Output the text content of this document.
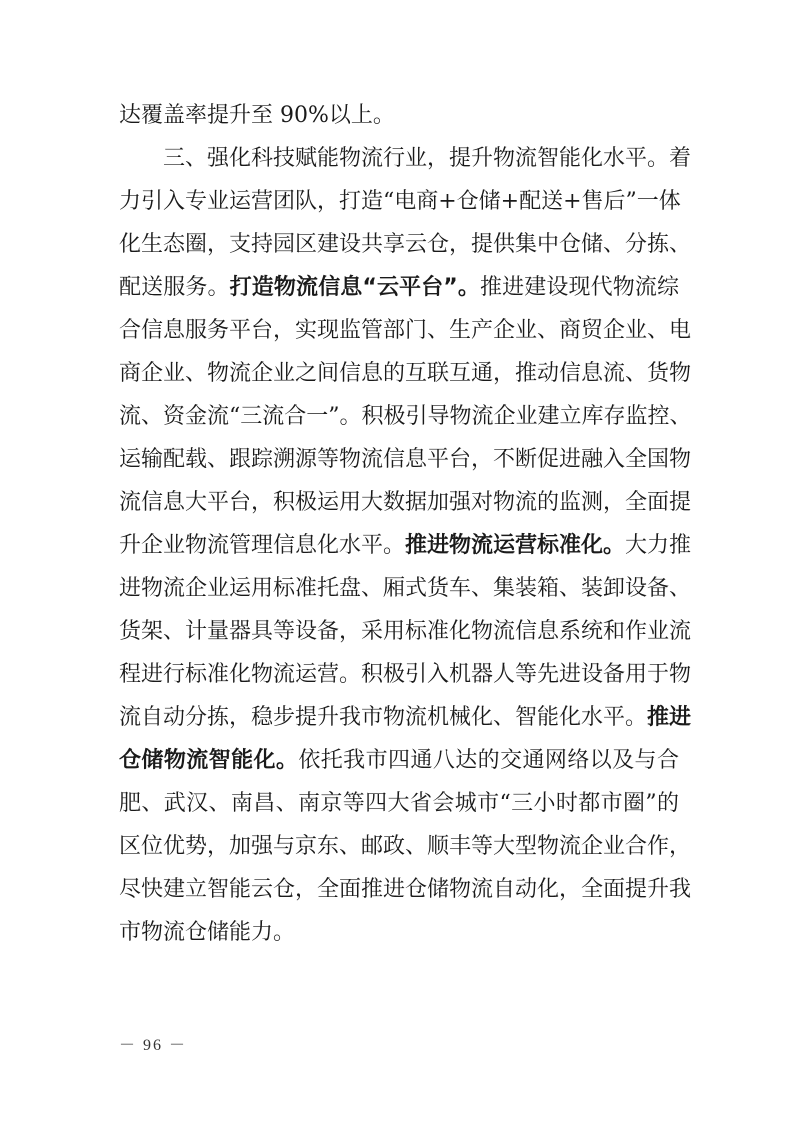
达覆盖率提升至 90%以上。
三、强化科技赋能物流行业，提升物流智能化水平。着
力引入专业运营团队，打造“电商+仓储+配送+售后”一体
化生态圈，支持园区建设共享云仓，提供集中仓储、分拣、
配送服务。打造物流信息“云平台”。推进建设现代物流综
合信息服务平台，实现监管部门、生产企业、商贸企业、电
商企业、物流企业之间信息的互联互通，推动信息流、货物
流、资金流“三流合一”。积极引导物流企业建立库存监控、
运输配载、跟踪溯源等物流信息平台，不断促进融入全国物
流信息大平台，积极运用大数据加强对物流的监测，全面提
升企业物流管理信息化水平。推进物流运营标准化。大力推
进物流企业运用标准托盘、厢式货车、集装箱、装卸设备、
货架、计量器具等设备，采用标准化物流信息系统和作业流
程进行标准化物流运营。积极引入机器人等先进设备用于物
流自动分拣，稳步提升我市物流机械化、智能化水平。推进
仓储物流智能化。依托我市四通八达的交通网络以及与合
肥、武汉、南昌、南京等四大省会城市“三小时都市圈”的
区位优势，加强与京东、邮政、顺丰等大型物流企业合作，
尽快建立智能云仓，全面推进仓储物流自动化，全面提升我
市物流仓储能力。
－ 96 －
